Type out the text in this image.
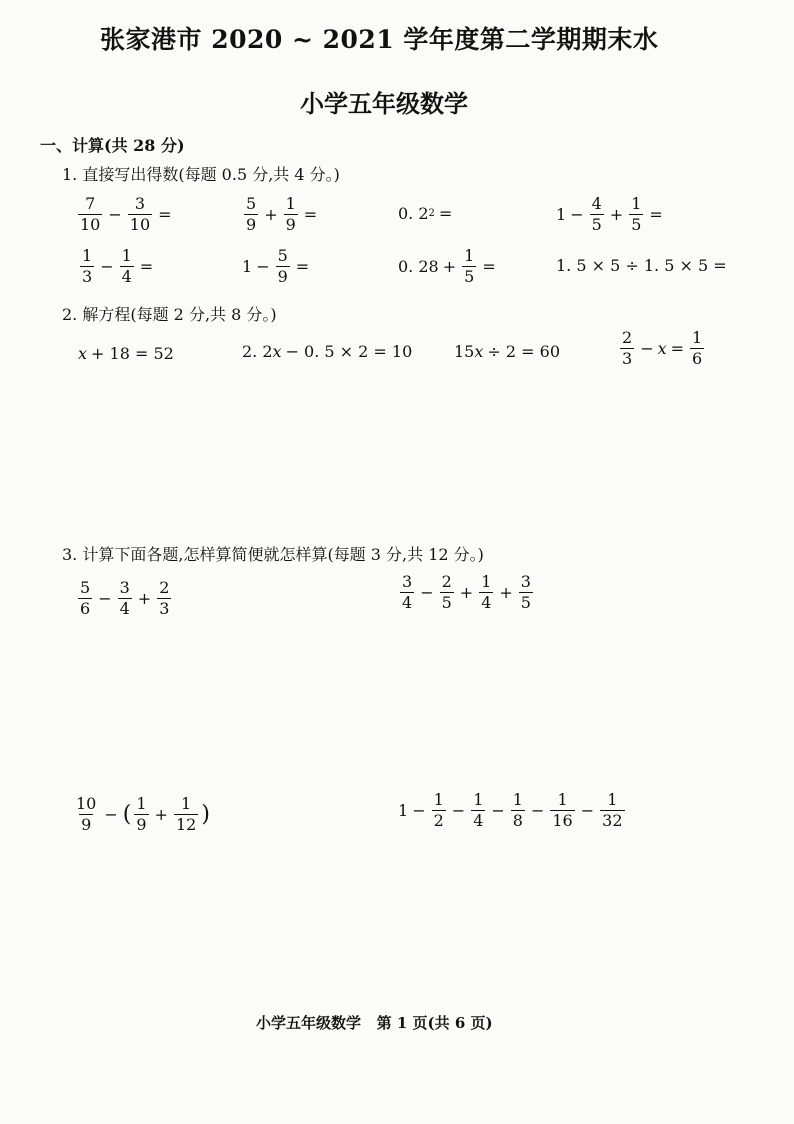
张家港市 2020 ~ 2021 学年度第二学期期末水
小学五年级数学
一、计算(共 28 分)
1. 直接写出得数(每题 0.5 分,共 4 分。)
$\frac{7}{10} - \frac{3}{10}$ =	$\frac{5}{9} + \frac{1}{9}$ =	0. 2 2 =	$1 - \frac{4}{5} + \frac{1}{5}$ =
$\frac{1}{3} - \frac{1}{4}$ =	$1 - \frac{5}{9}$ =	0. $28 + \frac{1}{5}$ =	1. 5 × 5 ÷ 1. 5 × 5 =
2. 解方程(每题 2 分,共 8 分。)
x + 18 = 52	2. 2 x − 0. 5 × 2 = 10	15 x ÷ 2 = 60	$\frac{2}{3} - x = \frac{1}{6}$
3. 计算下面各题,怎样算简便就怎样算(每题 3 分,共 12 分。)
$\frac{5}{6} - \frac{3}{4} + \frac{2}{3}$	$\frac{3}{4} - \frac{2}{5} + \frac{1}{4} + \frac{3}{5}$
$\frac{10}{9}$ − ( $\frac{1}{9} + \frac{1}{12}$ )	$1 - \frac{1}{2} - \frac{1}{4} - \frac{1}{8} - \frac{1}{16} - \frac{1}{32}$
小学五年级数学   第 1 页(共 6 页)
